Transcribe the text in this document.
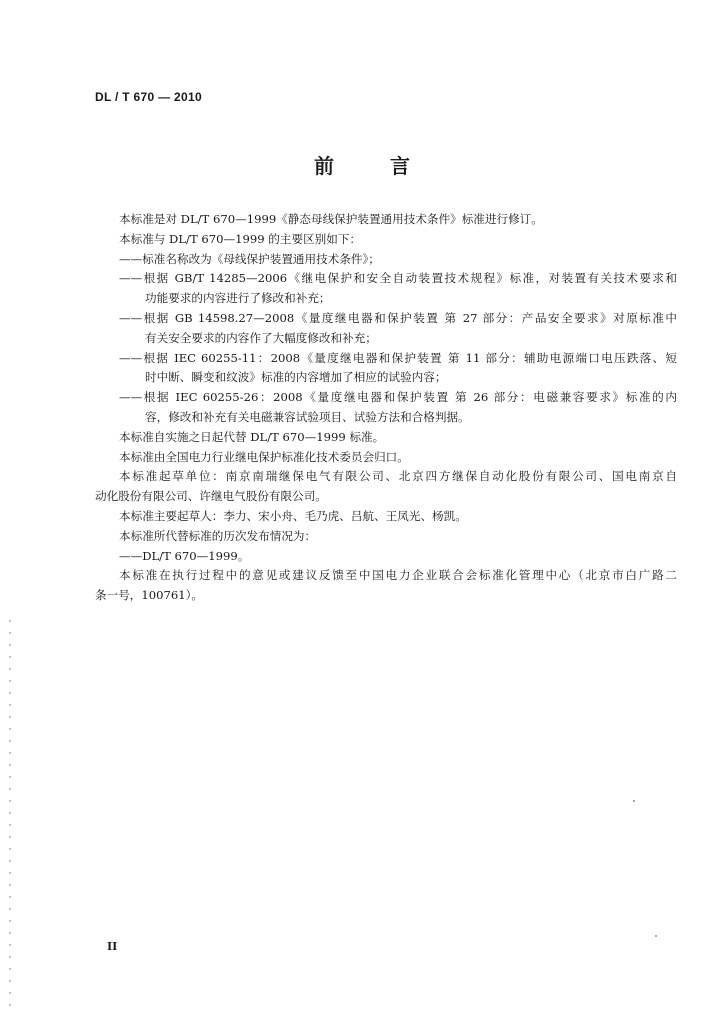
DL / T 670 — 2010
前	言

本标准是对 DL/T 670—1999《静态母线保护装置通用技术条件》标准进行修订。

本标准与 DL/T 670—1999 的主要区别如下：

——标准名称改为《母线保护装置通用技术条件》；

——根据 GB/T 14285—2006《继电保护和安全自动装置技术规程》标准，对装置有关技术要求和

功能要求的内容进行了修改和补充；

——根据 GB 14598.27—2008《量度继电器和保护装置 第 27 部分：产品安全要求》对原标准中

有关安全要求的内容作了大幅度修改和补充；

——根据 IEC 60255-11：2008《量度继电器和保护装置 第 11 部分：辅助电源端口电压跌落、短

时中断、瞬变和纹波》标准的内容增加了相应的试验内容；

——根据 IEC 60255-26：2008《量度继电器和保护装置 第 26 部分：电磁兼容要求》标准的内

容，修改和补充有关电磁兼容试验项目、试验方法和合格判据。

本标准自实施之日起代替 DL/T 670—1999 标准。

本标准由全国电力行业继电保护标准化技术委员会归口。

本标准起草单位：南京南瑞继保电气有限公司、北京四方继保自动化股份有限公司、国电南京自

动化股份有限公司、许继电气股份有限公司。

本标准主要起草人：李力、宋小舟、毛乃虎、吕航、王凤光、杨凯。

本标准所代替标准的历次发布情况为：

——DL/T 670—1999。

本标准在执行过程中的意见或建议反馈至中国电力企业联合会标准化管理中心（北京市白广路二

条一号，100761）。

II
